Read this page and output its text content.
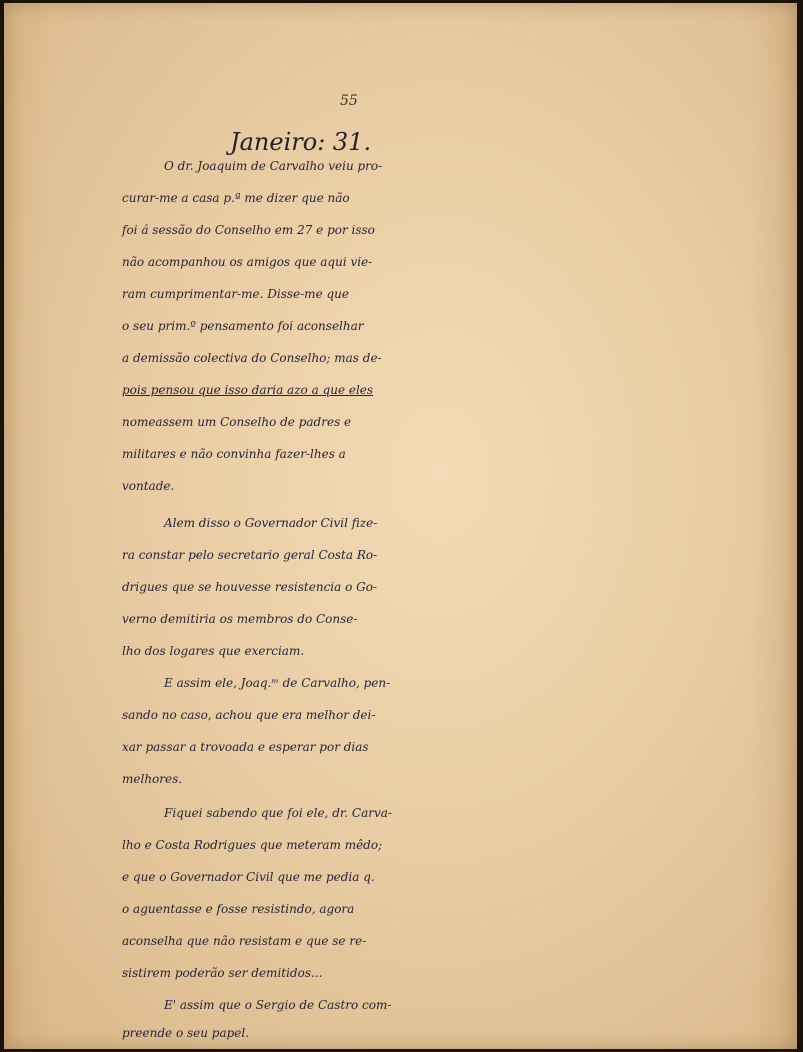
55
Janeiro: 31.
O dr. Joaquim de Carvalho veiu pro-
curar-me a casa p.ª me dizer que não
foi á sessão do Conselho em 27 e por isso
não acompanhou os amigos que aqui vie-
ram cumprimentar-me. Disse-me que
o seu prim.º pensamento foi aconselhar
a demissão colectiva do Conselho; mas de-
pois pensou que isso daria azo a que eles
nomeassem um Conselho de padres e
militares e não convinha fazer-lhes a
vontade.
Alem disso o Governador Civil fize-
ra constar pelo secretario geral Costa Ro-
drigues que se houvesse resistencia o Go-
verno demitiria os membros do Conse-
lho dos logares que exerciam.
E assim ele, Joaq.ᵐ de Carvalho, pen-
sando no caso, achou que era melhor dei-
xar passar a trovoada e esperar por dias
melhores.
Fiquei sabendo que foi ele, dr. Carva-
lho e Costa Rodrigues que meteram mêdo;
e que o Governador Civil que me pedia q.
o aguentasse e fosse resistindo, agora
aconselha que não resistam e que se re-
sistirem poderão ser demitidos...
E' assim que o Sergio de Castro com-
preende o seu papel.
